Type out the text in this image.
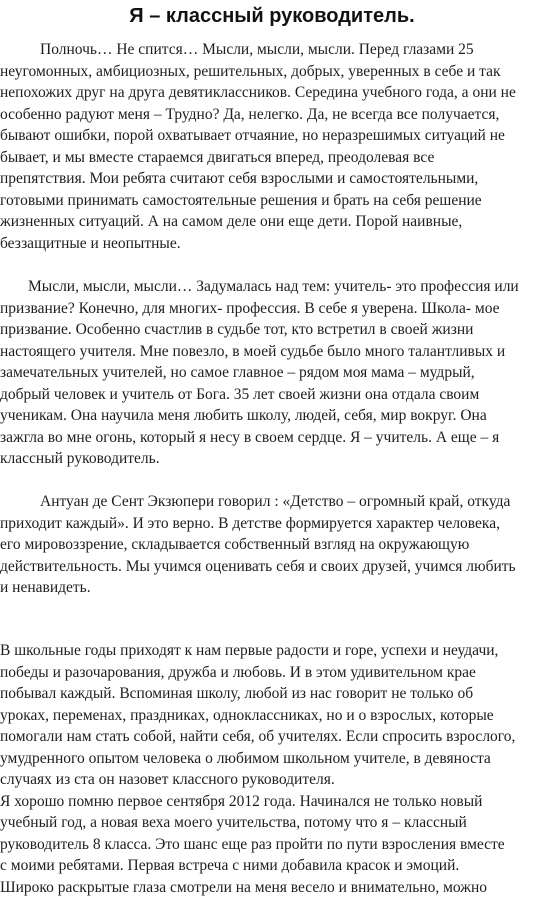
Я – классный руководитель.
Полночь… Не спится… Мысли, мысли, мысли. Перед глазами 25
неугомонных, амбициозных, решительных, добрых, уверенных в себе и так
непохожих друг на друга девятиклассников. Середина учебного года, а они не
особенно радуют меня – Трудно? Да, нелегко. Да, не всегда все получается,
бывают ошибки, порой охватывает отчаяние, но неразрешимых ситуаций не
бывает, и мы вместе стараемся двигаться вперед, преодолевая все
препятствия. Мои ребята считают себя взрослыми и самостоятельными,
готовыми принимать самостоятельные решения и брать на себя решение
жизненных ситуаций. А на самом деле они еще дети. Порой наивные,
беззащитные и неопытные.
Мысли, мысли, мысли… Задумалась над тем: учитель- это профессия или
призвание? Конечно, для многих- профессия. В себе я уверена. Школа- мое
призвание. Особенно счастлив в судьбе тот, кто встретил в своей жизни
настоящего учителя. Мне повезло, в моей судьбе было много талантливых и
замечательных учителей, но самое главное – рядом моя мама – мудрый,
добрый человек и учитель от Бога. 35 лет своей жизни она отдала своим
ученикам. Она научила меня любить школу, людей, себя, мир вокруг. Она
зажгла во мне огонь, который я несу в своем сердце. Я – учитель. А еще – я
классный руководитель.
Антуан де Сент Экзюпери говорил : «Детство – огромный край, откуда
приходит каждый». И это верно. В детстве формируется характер человека,
его мировоззрение, складывается собственный взгляд на окружающую
действительность. Мы учимся оценивать себя и своих друзей, учимся любить
и ненавидеть.
В школьные годы приходят к нам первые радости и горе, успехи и неудачи,
победы и разочарования, дружба и любовь. И в этом удивительном крае
побывал каждый. Вспоминая школу, любой из нас говорит не только об
уроках, переменах, праздниках, одноклассниках, но и о взрослых, которые
помогали нам стать собой, найти себя, об учителях. Если спросить взрослого,
умудренного опытом человека о любимом школьном учителе, в девяноста
случаях из ста он назовет классного руководителя.
Я хорошо помню первое сентября 2012 года. Начинался не только новый
учебный год, а новая веха моего учительства, потому что я – классный
руководитель 8 класса. Это шанс еще раз пройти по пути взросления вместе
с моими ребятами. Первая встреча с ними добавила красок и эмоций.
Широко раскрытые глаза смотрели на меня весело и внимательно, можно
